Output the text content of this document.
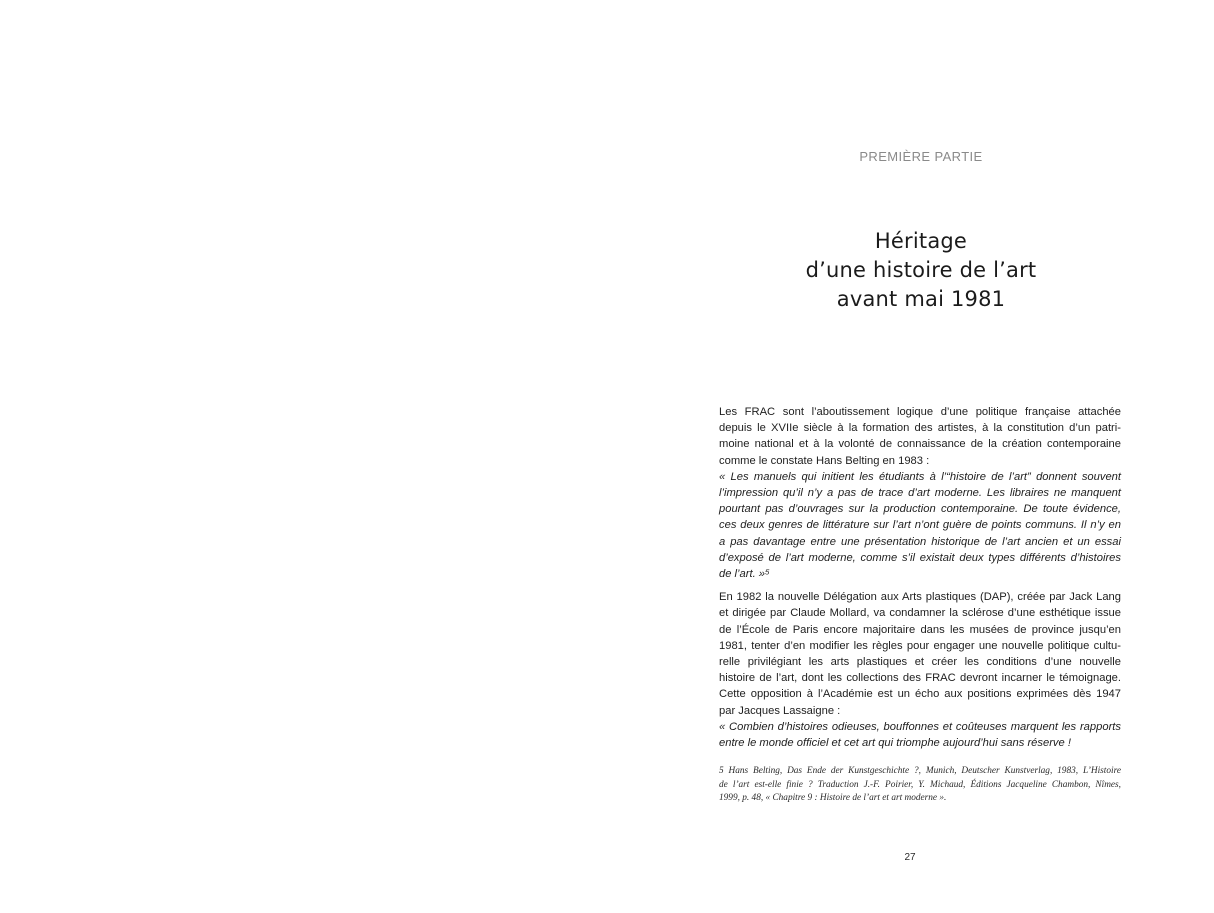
PREMIÈRE PARTIE
Héritage
d’une histoire de l’art
avant mai 1981

Les FRAC sont l’aboutissement logique d’une politique française attachée
depuis le XVIIe siècle à la formation des artistes, à la constitution d’un patri-
moine national et à la volonté de connaissance de la création contemporaine
comme le constate Hans Belting en 1983 :

« Les manuels qui initient les étudiants à l’“histoire de l’art” donnent souvent
l’impression qu’il n’y a pas de trace d’art moderne. Les libraires ne manquent
pourtant pas d’ouvrages sur la production contemporaine. De toute évidence,
ces deux genres de littérature sur l’art n’ont guère de points communs. Il n’y en
a pas davantage entre une présentation historique de l’art ancien et un essai
d’exposé de l’art moderne, comme s’il existait deux types différents d’histoires
de l’art. »⁵

En 1982 la nouvelle Délégation aux Arts plastiques (DAP), créée par Jack Lang
et dirigée par Claude Mollard, va condamner la sclérose d’une esthétique issue
de l’École de Paris encore majoritaire dans les musées de province jusqu’en
1981, tenter d’en modifier les règles pour engager une nouvelle politique cultu-
relle privilégiant les arts plastiques et créer les conditions d’une nouvelle
histoire de l’art, dont les collections des FRAC devront incarner le témoignage.
Cette opposition à l’Académie est un écho aux positions exprimées dès 1947
par Jacques Lassaigne :

« Combien d’histoires odieuses, bouffonnes et coûteuses marquent les rapports
entre le monde officiel et cet art qui triomphe aujourd’hui sans réserve !

5 Hans Belting, Das Ende der Kunstgeschichte ?, Munich, Deutscher Kunstverlag, 1983, L’Histoire
de l’art est-elle finie ? Traduction J.-F. Poirier, Y. Michaud, Éditions Jacqueline Chambon, Nîmes,
1999, p. 48, « Chapitre 9 : Histoire de l’art et art moderne ».
27
